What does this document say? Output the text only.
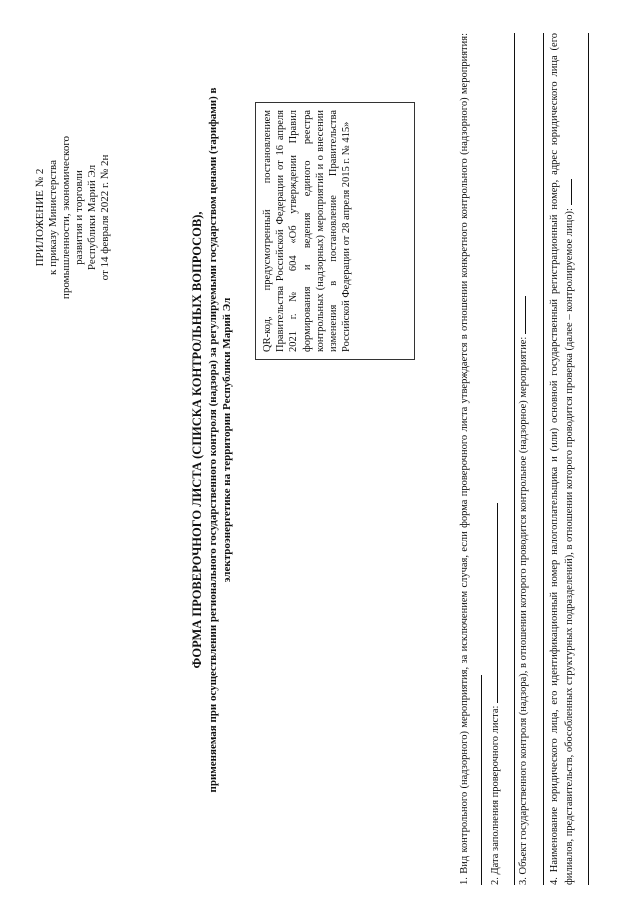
ПРИЛОЖЕНИЕ № 2 к приказу Министерства промышленности, экономического развития и торговли Республики Марий Эл от 14 февраля 2022 г. № 2н	ФОРМА ПРОВЕРОЧНОГО ЛИСТА (СПИСКА КОНТРОЛЬНЫХ ВОПРОСОВ), применяемая при осуществлении регионального государственного контроля (надзора) за регулируемыми государством ценами (тарифами) в электроэнергетике на территории Республики Марий Эл
QR-код, предусмотренный постановлением Правительства Российской Федерации от 16 апреля 2021 г. № 604 «Об утверждении Правил формирования и ведения единого реестра контрольных (надзорных) мероприятий и о внесении изменения в постановление Правительства Российской Федерации от 28 апреля 2015 г. № 415»	1. Вид контрольного (надзорного) мероприятия, за исключением случая, если форма проверочного листа утверждается в отношении конкретного контрольного (надзорного) мероприятия:	2. Дата заполнения проверочного листа: 3. Объект государственного контроля (надзора), в отношении которого проводится контрольное (надзорное) мероприятие: 4. Наименование юридического лица, его идентификационный номер налогоплательщика и (или) основной государственный регистрационный номер, адрес юридического лица (его филиалов, представительств, обособленных структурных подразделений), в отношении которого проводится проверка (далее – контролируемое лицо):
